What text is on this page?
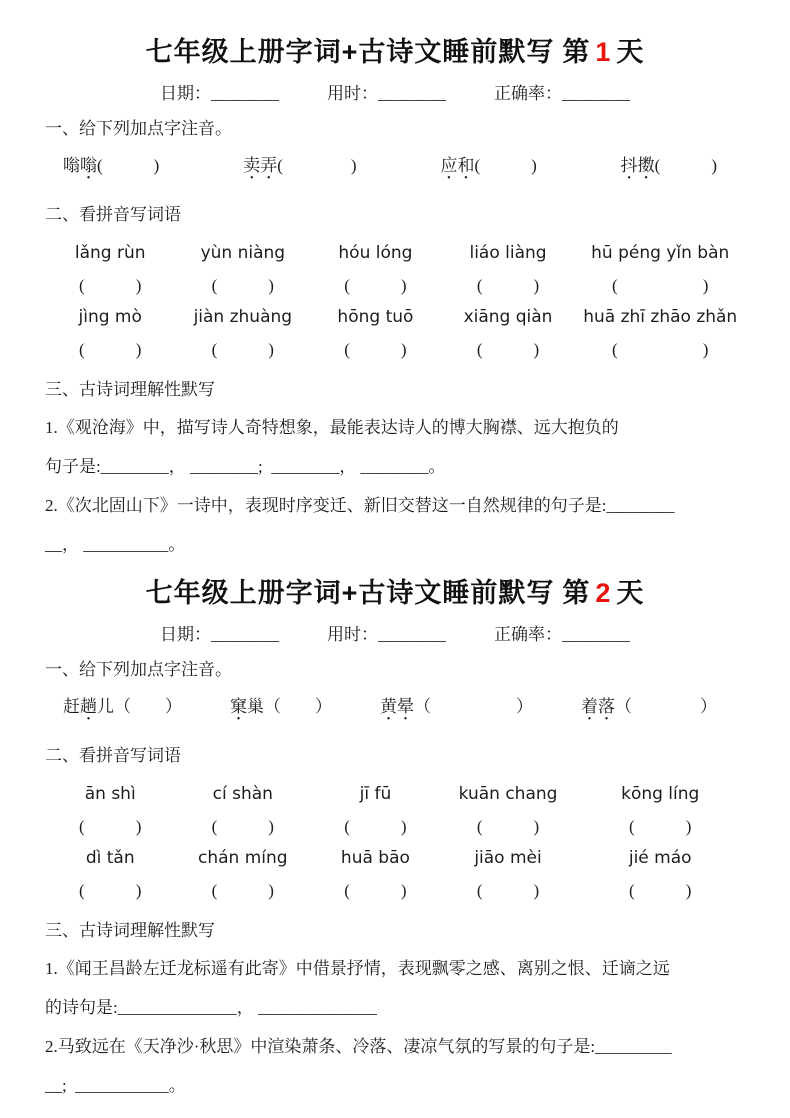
七年级上册字词+古诗文睡前默写 第 1 天
日期：________	用时：________	正确率：________
一、给下列加点字注音。
嗡嗡(　　　)	卖弄(　　　　)	应和(　　　)	抖擞(　　　)
二、看拼音写词语
lǎng rùn	yùn niàng	hóu lóng	liáo liàng	hū péng yǐn bàn
(　　　)	(　　　)	(　　　)	(　　　)	(　　　　　)
jìng mò	jiàn zhuàng	hōng tuō	xiāng qiàn	huā zhī zhāo zhǎn
(　　　)	(　　　)	(　　　)	(　　　)	(　　　　　)
三、古诗词理解性默写

1.《观沧海》中，描写诗人奇特想象，最能表达诗人的博大胸襟、远大抱负的

句子是:________， ________;  ________， ________。

2.《次北固山下》一诗中，表现时序变迁、新旧交替这一自然规律的句子是:________

__， __________。

七年级上册字词+古诗文睡前默写 第 2 天
日期：________	用时：________	正确率：________
一、给下列加点字注音。
赶趟儿（　　）	窠巢（　　）	黄晕（　　　　　）	着落（　　　　）
二、看拼音写词语
ān shì	cí shàn	jī fū	kuān chang	kōng líng
(　　　)	(　　　)	(　　　)	(　　　)	(　　　)
dì tǎn	chán míng	huā bāo	jiāo mèi	jié máo
(　　　)	(　　　)	(　　　)	(　　　)	(　　　)
三、古诗词理解性默写

1.《闻王昌龄左迁龙标遥有此寄》中借景抒情，表现飘零之感、离别之恨、迁谪之远

的诗句是:______________， ______________

2.马致远在《天净沙·秋思》中渲染萧条、冷落、凄凉气氛的写景的句子是:_________

__;  ___________。
